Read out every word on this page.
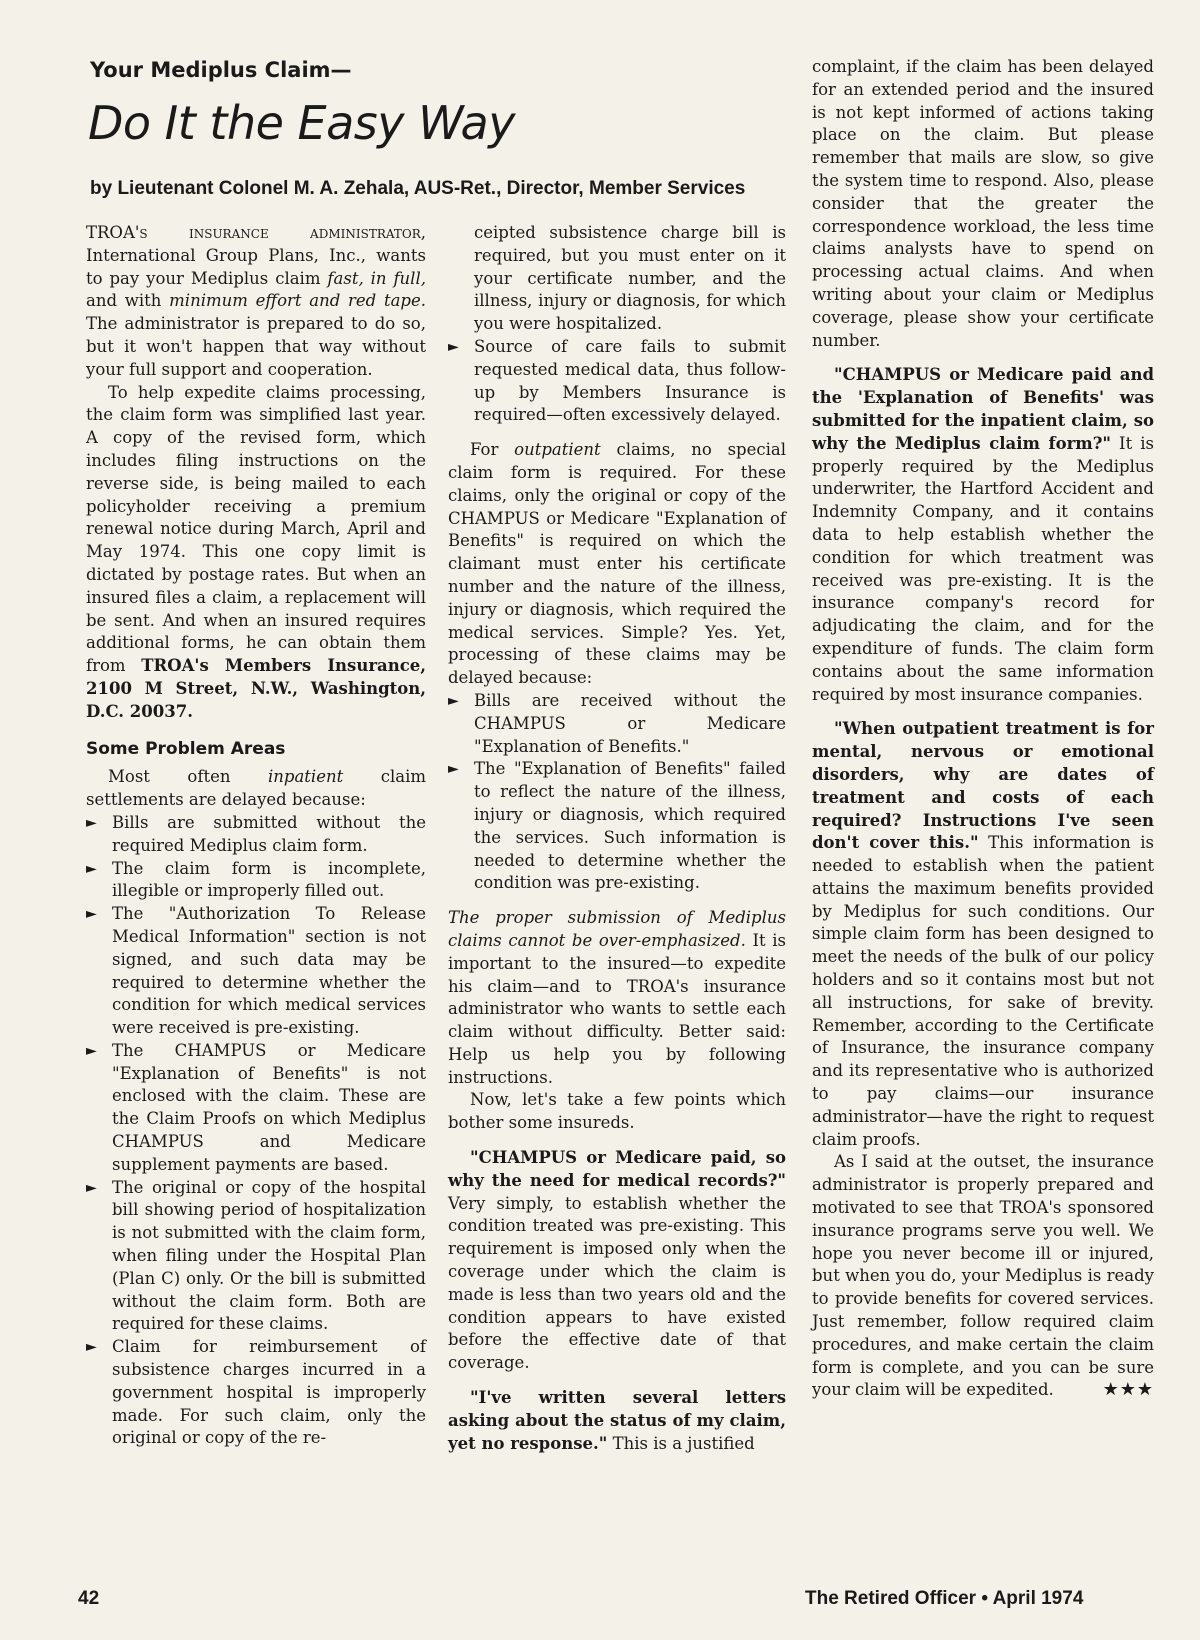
Your Mediplus Claim—
Do It the Easy Way
by Lieutenant Colonel M. A. Zehala, AUS-Ret., Director, Member Services

TROA's insurance administrator, International Group Plans, Inc., wants to pay your Mediplus claim fast, in full, and with minimum effort and red tape. The administrator is prepared to do so, but it won't happen that way without your full support and cooperation.

To help expedite claims processing, the claim form was simplified last year. A copy of the revised form, which includes filing instructions on the reverse side, is being mailed to each policyholder receiving a premium renewal notice during March, April and May 1974. This one copy limit is dictated by postage rates. But when an insured files a claim, a replacement will be sent. And when an insured requires additional forms, he can obtain them from TROA's Members Insurance, 2100 M Street, N.W., Washington, D.C. 20037.

Some Problem Areas

Most often inpatient claim settlements are delayed because:

► Bills are submitted without the required Mediplus claim form.
► The claim form is incomplete, illegible or improperly filled out.
► The "Authorization To Release Medical Information" section is not signed, and such data may be required to determine whether the condition for which medical services were received is pre-existing.
► The CHAMPUS or Medicare "Explanation of Benefits" is not enclosed with the claim. These are the Claim Proofs on which Mediplus CHAMPUS and Medicare supplement payments are based.
► The original or copy of the hospital bill showing period of hospitalization is not submitted with the claim form, when filing under the Hospital Plan (Plan C) only. Or the bill is submitted without the claim form. Both are required for these claims.
► Claim for reimbursement of subsistence charges incurred in a government hospital is improperly made. For such claim, only the original or copy of the re-

ceipted subsistence charge bill is required, but you must enter on it your certificate number, and the illness, injury or diagnosis, for which you were hospitalized.

► Source of care fails to submit requested medical data, thus follow-up by Members Insurance is required—often excessively delayed.

For outpatient claims, no special claim form is required. For these claims, only the original or copy of the CHAMPUS or Medicare "Explanation of Benefits" is required on which the claimant must enter his certificate number and the nature of the illness, injury or diagnosis, which required the medical services. Simple? Yes. Yet, processing of these claims may be delayed because:

► Bills are received without the CHAMPUS or Medicare "Explanation of Benefits."
► The "Explanation of Benefits" failed to reflect the nature of the illness, injury or diagnosis, which required the services. Such information is needed to determine whether the condition was pre-existing.

The proper submission of Mediplus claims cannot be over-emphasized. It is important to the insured—to expedite his claim—and to TROA's insurance administrator who wants to settle each claim without difficulty. Better said: Help us help you by following instructions.

Now, let's take a few points which bother some insureds.

"CHAMPUS or Medicare paid, so why the need for medical records?" Very simply, to establish whether the condition treated was pre-existing. This requirement is imposed only when the coverage under which the claim is made is less than two years old and the condition appears to have existed before the effective date of that coverage.

"I've written several letters asking about the status of my claim, yet no response." This is a justified

complaint, if the claim has been delayed for an extended period and the insured is not kept informed of actions taking place on the claim. But please remember that mails are slow, so give the system time to respond. Also, please consider that the greater the correspondence workload, the less time claims analysts have to spend on processing actual claims. And when writing about your claim or Mediplus coverage, please show your certificate number.

"CHAMPUS or Medicare paid and the 'Explanation of Benefits' was submitted for the inpatient claim, so why the Mediplus claim form?" It is properly required by the Mediplus underwriter, the Hartford Accident and Indemnity Company, and it contains data to help establish whether the condition for which treatment was received was pre-existing. It is the insurance company's record for adjudicating the claim, and for the expenditure of funds. The claim form contains about the same information required by most insurance companies.

"When outpatient treatment is for mental, nervous or emotional disorders, why are dates of treatment and costs of each required? Instructions I've seen don't cover this." This information is needed to establish when the patient attains the maximum benefits provided by Mediplus for such conditions. Our simple claim form has been designed to meet the needs of the bulk of our policy holders and so it contains most but not all instructions, for sake of brevity. Remember, according to the Certificate of Insurance, the insurance company and its representative who is authorized to pay claims—our insurance administrator—have the right to request claim proofs.

As I said at the outset, the insurance administrator is properly prepared and motivated to see that TROA's sponsored insurance programs serve you well. We hope you never become ill or injured, but when you do, your Mediplus is ready to provide benefits for covered services. Just remember, follow required claim procedures, and make certain the claim form is complete, and you can be sure your claim will be expedited.	★★★

42	The Retired Officer • April 1974
